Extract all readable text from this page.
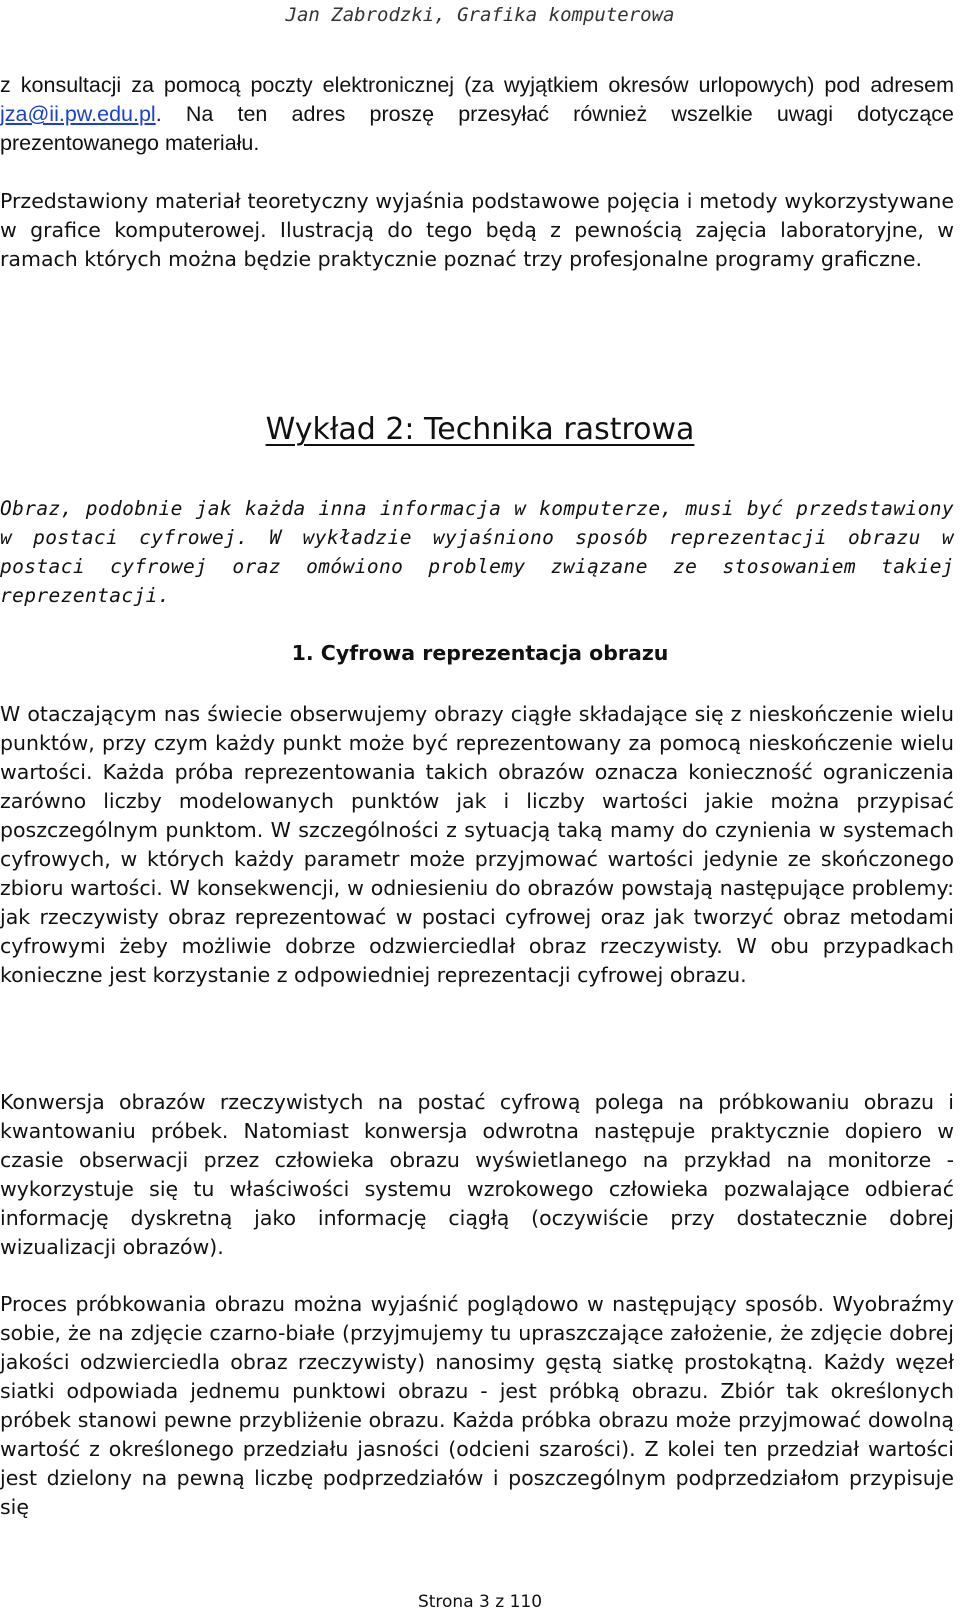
Jan Zabrodzki, Grafika komputerowa

z konsultacji za pomocą poczty elektronicznej (za wyjątkiem okresów urlopowych) pod adresem jza@ii.pw.edu.pl. Na ten adres proszę przesyłać również wszelkie uwagi dotyczące prezentowanego materiału.

Przedstawiony materiał teoretyczny wyjaśnia podstawowe pojęcia i metody wykorzystywane w grafice komputerowej. Ilustracją do tego będą z pewnością zajęcia laboratoryjne, w ramach których można będzie praktycznie poznać trzy profesjonalne programy graficzne.

Wykład 2: Technika rastrowa

Obraz, podobnie jak każda inna informacja w komputerze, musi być przedstawiony w postaci cyfrowej. W wykładzie wyjaśniono sposób reprezentacji obrazu w postaci cyfrowej oraz omówiono problemy związane ze stosowaniem takiej reprezentacji.

1. Cyfrowa reprezentacja obrazu

W otaczającym nas świecie obserwujemy obrazy ciągłe składające się z nieskończenie wielu punktów, przy czym każdy punkt może być reprezentowany za pomocą nieskończenie wielu wartości. Każda próba reprezentowania takich obrazów oznacza konieczność ograniczenia zarówno liczby modelowanych punktów jak i liczby wartości jakie można przypisać poszczególnym punktom. W szczególności z sytuacją taką mamy do czynienia w systemach cyfrowych, w których każdy parametr może przyjmować wartości jedynie ze skończonego zbioru wartości. W konsekwencji, w odniesieniu do obrazów powstają następujące problemy: jak rzeczywisty obraz reprezentować w postaci cyfrowej oraz jak tworzyć obraz metodami cyfrowymi żeby możliwie dobrze odzwierciedlał obraz rzeczywisty. W obu przypadkach konieczne jest korzystanie z odpowiedniej reprezentacji cyfrowej obrazu.

Konwersja obrazów rzeczywistych na postać cyfrową polega na próbkowaniu obrazu i kwantowaniu próbek. Natomiast konwersja odwrotna następuje praktycznie dopiero w czasie obserwacji przez człowieka obrazu wyświetlanego na przykład na monitorze - wykorzystuje się tu właściwości systemu wzrokowego człowieka pozwalające odbierać informację dyskretną jako informację ciągłą (oczywiście przy dostatecznie dobrej wizualizacji obrazów).

Proces próbkowania obrazu można wyjaśnić poglądowo w następujący sposób. Wyobraźmy sobie, że na zdjęcie czarno-białe (przyjmujemy tu upraszczające założenie, że zdjęcie dobrej jakości odzwierciedla obraz rzeczywisty) nanosimy gęstą siatkę prostokątną. Każdy węzeł siatki odpowiada jednemu punktowi obrazu - jest próbką obrazu. Zbiór tak określonych próbek stanowi pewne przybliżenie obrazu. Każda próbka obrazu może przyjmować dowolną wartość z określonego przedziału jasności (odcieni szarości). Z kolei ten przedział wartości jest dzielony na pewną liczbę podprzedziałów i poszczególnym podprzedziałom przypisuje się

Strona 3 z 110
